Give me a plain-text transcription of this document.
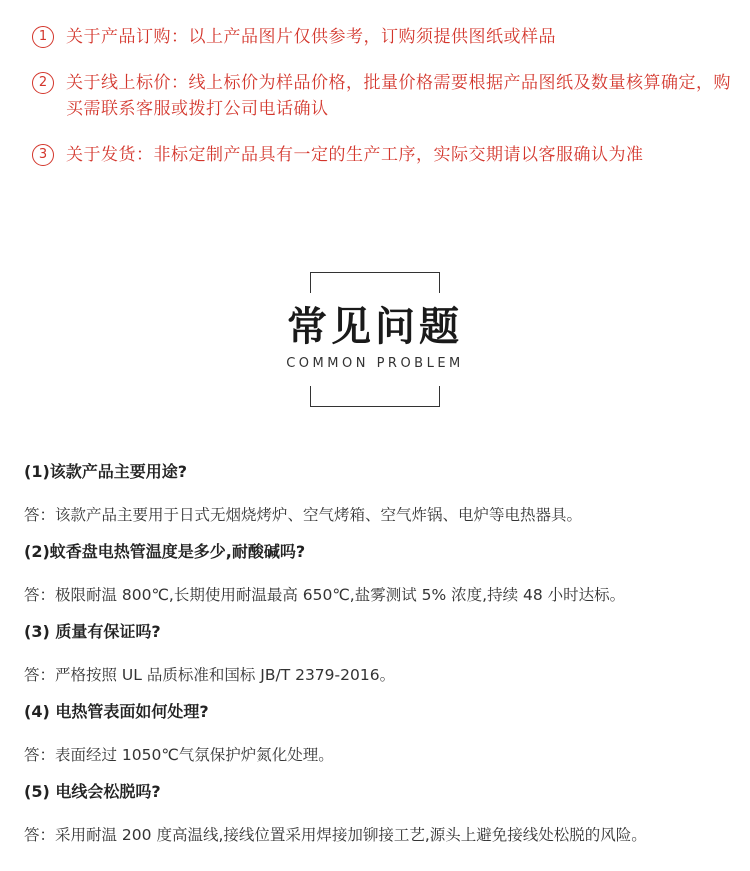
1	关于产品订购：以上产品图片仅供参考，订购须提供图纸或样品
2	关于线上标价：线上标价为样品价格，批量价格需要根据产品图纸及数量核算确定，购买需联系客服或拨打公司电话确认
3	关于发货：非标定制产品具有一定的生产工序，实际交期请以客服确认为准
常见问题
COMMON PROBLEM
(1)该款产品主要用途?
答：该款产品主要用于日式无烟烧烤炉、空气烤箱、空气炸锅、电炉等电热器具。
(2)蚊香盘电热管温度是多少,耐酸碱吗?
答：极限耐温 800℃,长期使用耐温最高 650℃,盐雾测试 5% 浓度,持续 48 小时达标。
(3) 质量有保证吗?
答：严格按照 UL 品质标准和国标 JB/T 2379-2016。
(4) 电热管表面如何处理?
答：表面经过 1050℃气氛保护炉氮化处理。
(5) 电线会松脱吗?
答：采用耐温 200 度高温线,接线位置采用焊接加铆接工艺,源头上避免接线处松脱的风险。
